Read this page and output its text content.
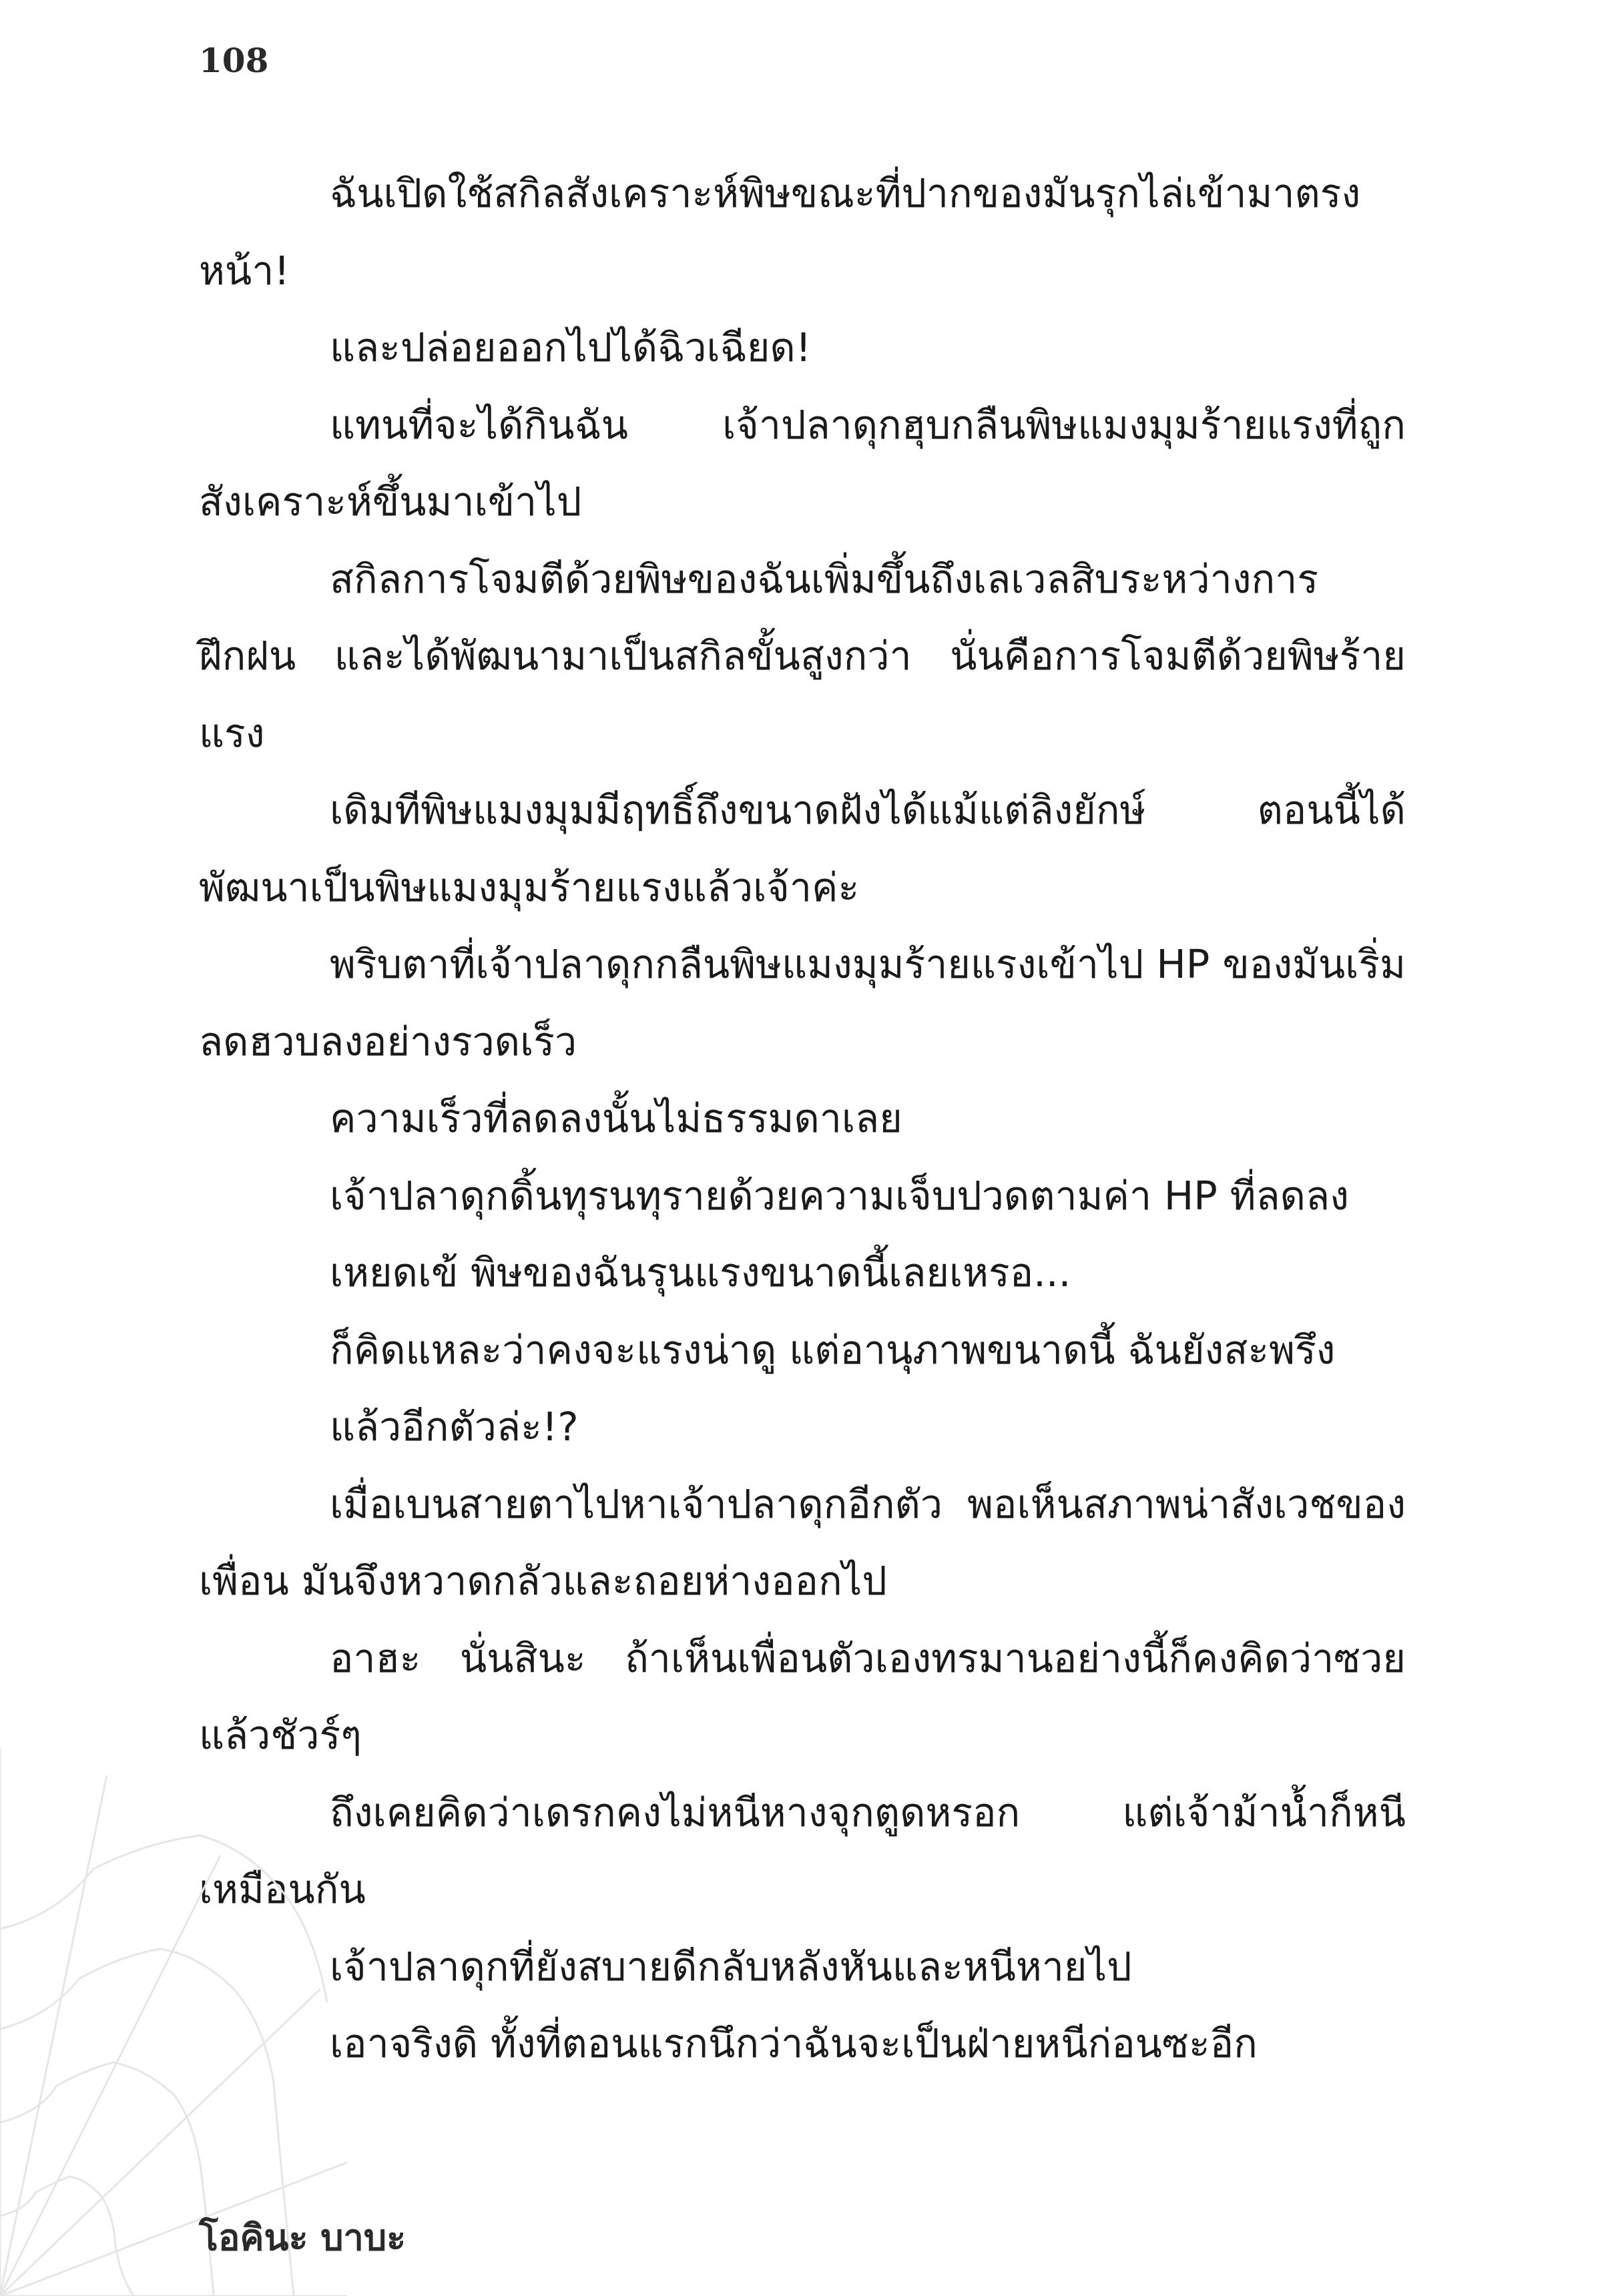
108

ฉันเปิดใช้สกิลสังเคราะห์พิษขณะที่ปากของมันรุกไล่เข้ามาตรงหน้า!

และปล่อยออกไปได้ฉิวเฉียด!

แทนที่จะได้กินฉัน เจ้าปลาดุกฮุบกลืนพิษแมงมุมร้ายแรงที่ถูกสังเคราะห์ขึ้นมาเข้าไป

สกิลการโจมตีด้วยพิษของฉันเพิ่มขึ้นถึงเลเวลสิบระหว่างการฝึกฝน และได้พัฒนามาเป็นสกิลขั้นสูงกว่า นั่นคือการโจมตีด้วยพิษร้ายแรง

เดิมทีพิษแมงมุมมีฤทธิ์ถึงขนาดฝังได้แม้แต่ลิงยักษ์ ตอนนี้ได้พัฒนาเป็นพิษแมงมุมร้ายแรงแล้วเจ้าค่ะ

พริบตาที่เจ้าปลาดุกกลืนพิษแมงมุมร้ายแรงเข้าไป HP ของมันเริ่มลดฮวบลงอย่างรวดเร็ว

ความเร็วที่ลดลงนั้นไม่ธรรมดาเลย

เจ้าปลาดุกดิ้นทุรนทุรายด้วยความเจ็บปวดตามค่า HP ที่ลดลง

เหยดเข้ พิษของฉันรุนแรงขนาดนี้เลยเหรอ...

ก็คิดแหละว่าคงจะแรงน่าดู แต่อานุภาพขนาดนี้ ฉันยังสะพรึง

แล้วอีกตัวล่ะ!?

เมื่อเบนสายตาไปหาเจ้าปลาดุกอีกตัว พอเห็นสภาพน่าสังเวชของเพื่อน มันจึงหวาดกลัวและถอยห่างออกไป

อาฮะ นั่นสินะ ถ้าเห็นเพื่อนตัวเองทรมานอย่างนี้ก็คงคิดว่าซวยแล้วชัวร์ๆ

ถึงเคยคิดว่าเดรกคงไม่หนีหางจุกตูดหรอก แต่เจ้าม้าน้ำก็หนีเหมือนกัน

เจ้าปลาดุกที่ยังสบายดีกลับหลังหันและหนีหายไป

เอาจริงดิ ทั้งที่ตอนแรกนึกว่าฉันจะเป็นฝ่ายหนีก่อนซะอีก

โอคินะ บาบะ
